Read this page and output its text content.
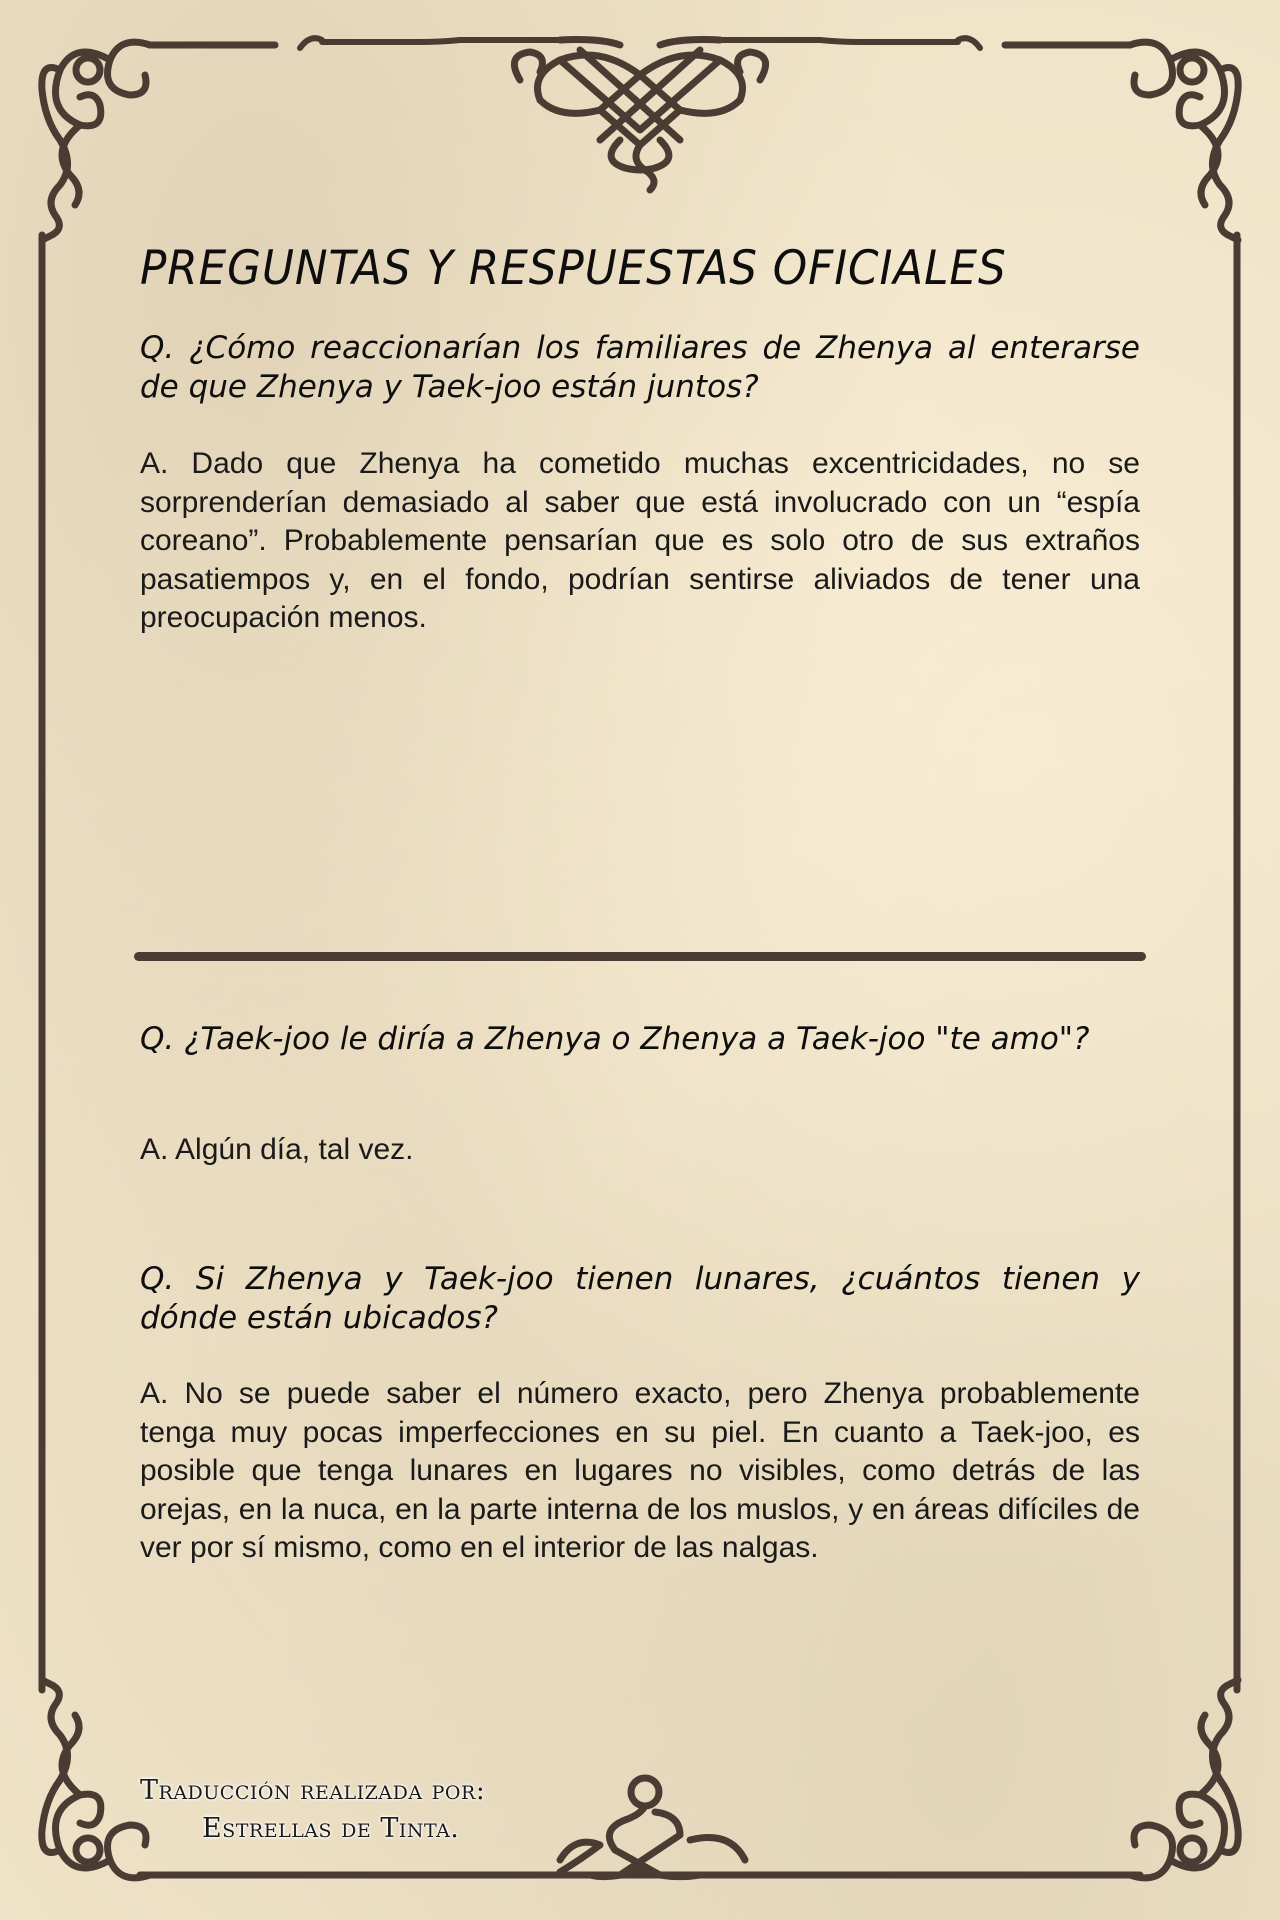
PREGUNTAS Y RESPUESTAS OFICIALES
Q. ¿Cómo reaccionarían los familiares de Zhenya al enterarse de que Zhenya y Taek-joo están juntos?
A. Dado que Zhenya ha cometido muchas excentricidades, no se sorprenderían demasiado al saber que está involucrado con un “espía coreano”. Probablemente pensarían que es solo otro de sus extraños pasatiempos y, en el fondo, podrían sentirse aliviados de tener una preocupación menos.
Q. ¿Taek-joo le diría a Zhenya o Zhenya a Taek-joo "te amo"?
A. Algún día, tal vez.
Q. Si Zhenya y Taek-joo tienen lunares, ¿cuántos tienen y dónde están ubicados?
A. No se puede saber el número exacto, pero Zhenya probablemente tenga muy pocas imperfecciones en su piel. En cuanto a Taek-joo, es posible que tenga lunares en lugares no visibles, como detrás de las orejas, en la nuca, en la parte interna de los muslos, y en áreas difíciles de ver por sí mismo, como en el interior de las nalgas.
Traducción realizada por:
Estrellas de Tinta.
